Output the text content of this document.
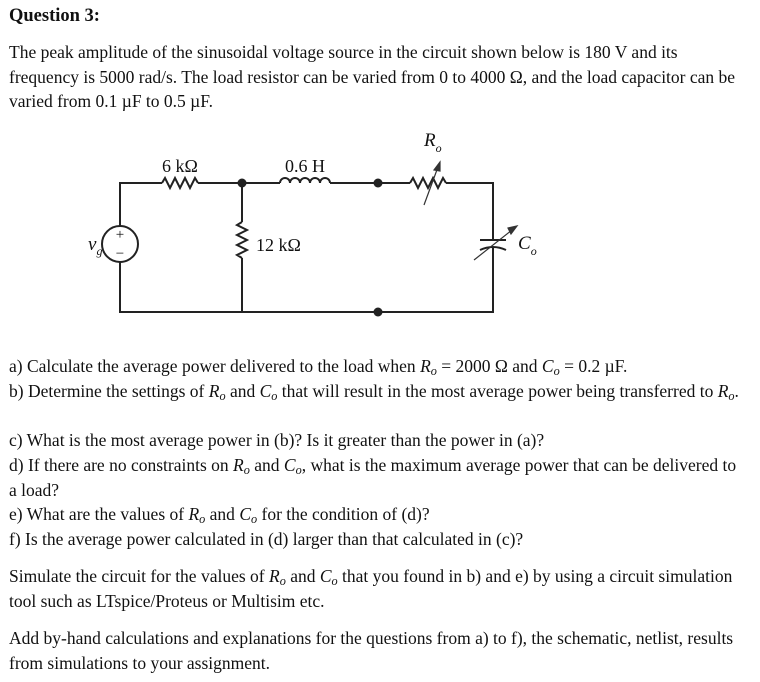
Question 3:

The peak amplitude of the sinusoidal voltage source in the circuit shown below is 180 V and its frequency is 5000 rad/s. The load resistor can be varied from 0 to 4000 Ω, and the load capacitor can be varied from 0.1 µF to 0.5 µF.

+
−
6 kΩ	0.6 H
12 kΩ
$R_o$
$C_o$
$v_g$

a) Calculate the average power delivered to the load when $R_o = 2000$ Ω and $C_o = 0.2$ µF.

b) Determine the settings of $R_o$ and $C_o$ that will result in the most average power being transferred to $R_o$.

c) What is the most average power in (b)? Is it greater than the power in (a)?

d) If there are no constraints on $R_o$ and $C_o$, what is the maximum average power that can be delivered to a load?

e) What are the values of $R_o$ and $C_o$ for the condition of (d)?

f) Is the average power calculated in (d) larger than that calculated in (c)?

Simulate the circuit for the values of $R_o$ and $C_o$ that you found in b) and e) by using a circuit simulation tool such as LTspice/Proteus or Multisim etc.

Add by-hand calculations and explanations for the questions from a) to f), the schematic, netlist, results from simulations to your assignment.
